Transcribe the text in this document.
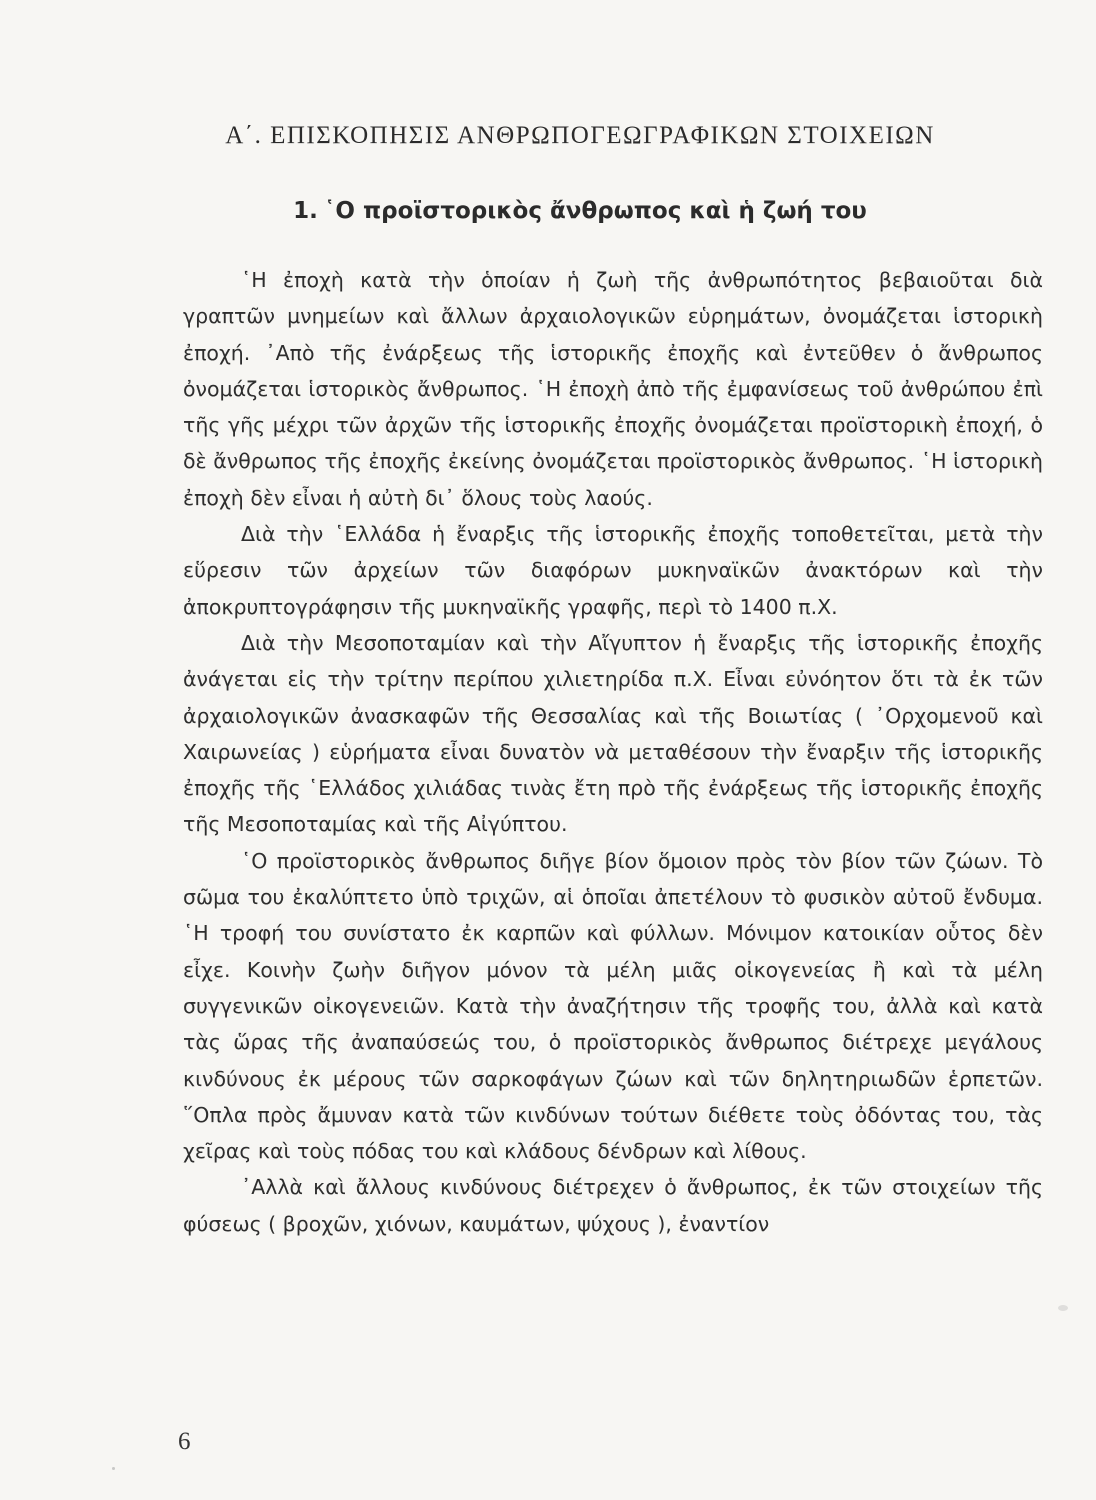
Α΄. ΕΠΙΣΚΟΠΗΣΙΣ ΑΝΘΡΩΠΟΓΕΩΓΡΑΦΙΚΩΝ ΣΤΟΙΧΕΙΩΝ
1. ῾Ο προϊστορικὸς ἄνθρωπος καὶ ἡ ζωή του

῾Η ἐποχὴ κατὰ τὴν ὁποίαν ἡ ζωὴ τῆς ἀνθρωπότητος βεβαιοῦται διὰ γραπτῶν μνημείων καὶ ἄλλων ἀρχαιολογικῶν εὑρημάτων, ὀνομάζεται ἱστορικὴ ἐποχή. ᾽Απὸ τῆς ἐνάρξεως τῆς ἱστορικῆς ἐποχῆς καὶ ἐντεῦθεν ὁ ἄνθρωπος ὀνομάζεται ἱστορικὸς ἄνθρωπος. ῾Η ἐποχὴ ἀπὸ τῆς ἐμφανίσεως τοῦ ἀνθρώπου ἐπὶ τῆς γῆς μέχρι τῶν ἀρχῶν τῆς ἱστορικῆς ἐποχῆς ὀνομάζεται προϊστορικὴ ἐποχή, ὁ δὲ ἄνθρωπος τῆς ἐποχῆς ἐκείνης ὀνομάζεται προϊστορικὸς ἄνθρωπος. ῾Η ἱστορικὴ ἐποχὴ δὲν εἶναι ἡ αὐτὴ δι᾽ ὅλους τοὺς λαούς.

Διὰ τὴν ῾Ελλάδα ἡ ἔναρξις τῆς ἱστορικῆς ἐποχῆς τοποθετεῖται, μετὰ τὴν εὕρεσιν τῶν ἀρχείων τῶν διαφόρων μυκηναϊκῶν ἀνακτόρων καὶ τὴν ἀποκρυπτογράφησιν τῆς μυκηναϊκῆς γραφῆς, περὶ τὸ 1400 π.Χ.

Διὰ τὴν Μεσοποταμίαν καὶ τὴν Αἴγυπτον ἡ ἔναρξις τῆς ἱστορικῆς ἐποχῆς ἀνάγεται εἰς τὴν τρίτην περίπου χιλιετηρίδα π.Χ. Εἶναι εὐνόητον ὅτι τὰ ἐκ τῶν ἀρχαιολογικῶν ἀνασκαφῶν τῆς Θεσσαλίας καὶ τῆς Βοιωτίας ( ᾽Ορχομενοῦ καὶ Χαιρωνείας ) εὑρήματα εἶναι δυνατὸν νὰ μεταθέσουν τὴν ἔναρξιν τῆς ἱστορικῆς ἐποχῆς τῆς ῾Ελλάδος χιλιάδας τινὰς ἔτη πρὸ τῆς ἐνάρξεως τῆς ἱστορικῆς ἐποχῆς τῆς Μεσοποταμίας καὶ τῆς Αἰγύπτου.

῾Ο προϊστορικὸς ἄνθρωπος διῆγε βίον ὅμοιον πρὸς τὸν βίον τῶν ζώων. Τὸ σῶμα του ἐκαλύπτετο ὑπὸ τριχῶν, αἱ ὁποῖαι ἀπετέλουν τὸ φυσικὸν αὐτοῦ ἔνδυμα. ῾Η τροφή του συνίστατο ἐκ καρπῶν καὶ φύλλων. Μόνιμον κατοικίαν οὗτος δὲν εἶχε. Κοινὴν ζωὴν διῆγον μόνον τὰ μέλη μιᾶς οἰκογενείας ἢ καὶ τὰ μέλη συγγενικῶν οἰκογενειῶν. Κατὰ τὴν ἀναζήτησιν τῆς τροφῆς του, ἀλλὰ καὶ κατὰ τὰς ὥρας τῆς ἀναπαύσεώς του, ὁ προϊστορικὸς ἄνθρωπος διέτρεχε μεγάλους κινδύνους ἐκ μέρους τῶν σαρκοφάγων ζώων καὶ τῶν δηλητηριωδῶν ἑρπετῶν. ῞Οπλα πρὸς ἄμυναν κατὰ τῶν κινδύνων τούτων διέθετε τοὺς ὀδόντας του, τὰς χεῖρας καὶ τοὺς πόδας του καὶ κλάδους δένδρων καὶ λίθους.

᾽Αλλὰ καὶ ἄλλους κινδύνους διέτρεχεν ὁ ἄνθρωπος, ἐκ τῶν στοιχείων τῆς φύσεως ( βροχῶν, χιόνων, καυμάτων, ψύχους ), ἐναντίον

6
